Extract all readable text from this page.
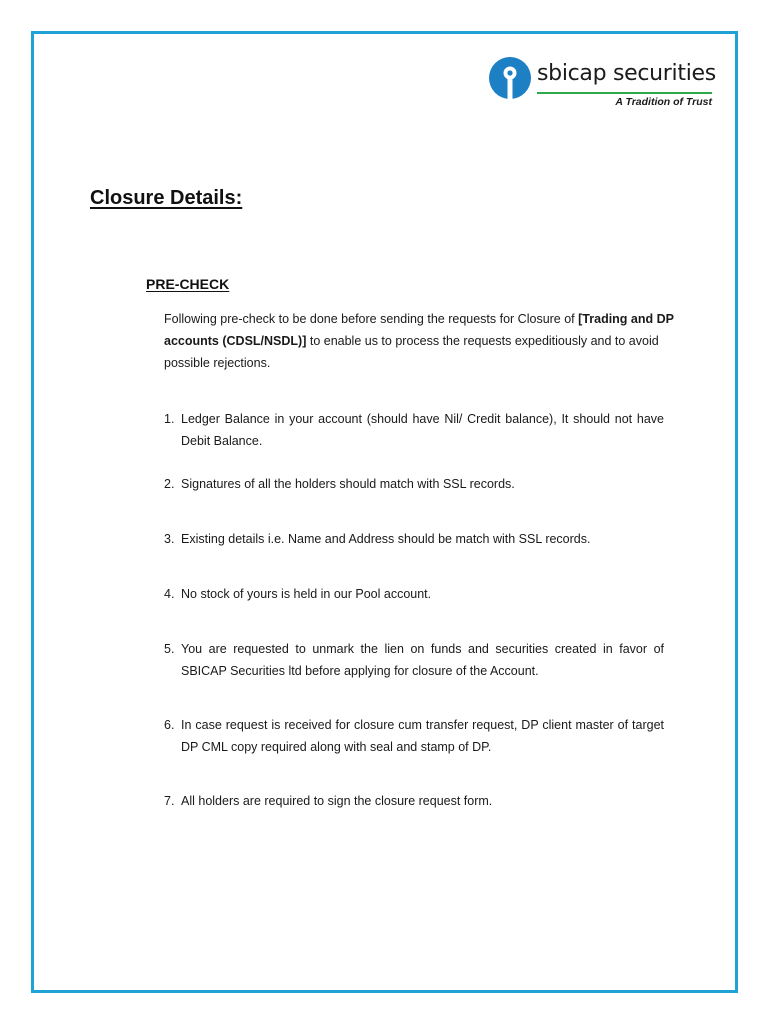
sbicap securities
A Tradition of Trust
Closure Details:
PRE-CHECK

Following pre-check to be done before sending the requests for Closure of [Trading and DP accounts (CDSL/NSDL)] to enable us to process the requests expeditiously and to avoid possible rejections.

1. Ledger Balance in your account (should have Nil/ Credit balance), It should not have Debit Balance.
2. Signatures of all the holders should match with SSL records.
3. Existing details i.e. Name and Address should be match with SSL records.
4. No stock of yours is held in our Pool account.
5. You are requested to unmark the lien on funds and securities created in favor of SBICAP Securities ltd before applying for closure of the Account.
6. In case request is received for closure cum transfer request, DP client master of target DP CML copy required along with seal and stamp of DP.
7. All holders are required to sign the closure request form.
